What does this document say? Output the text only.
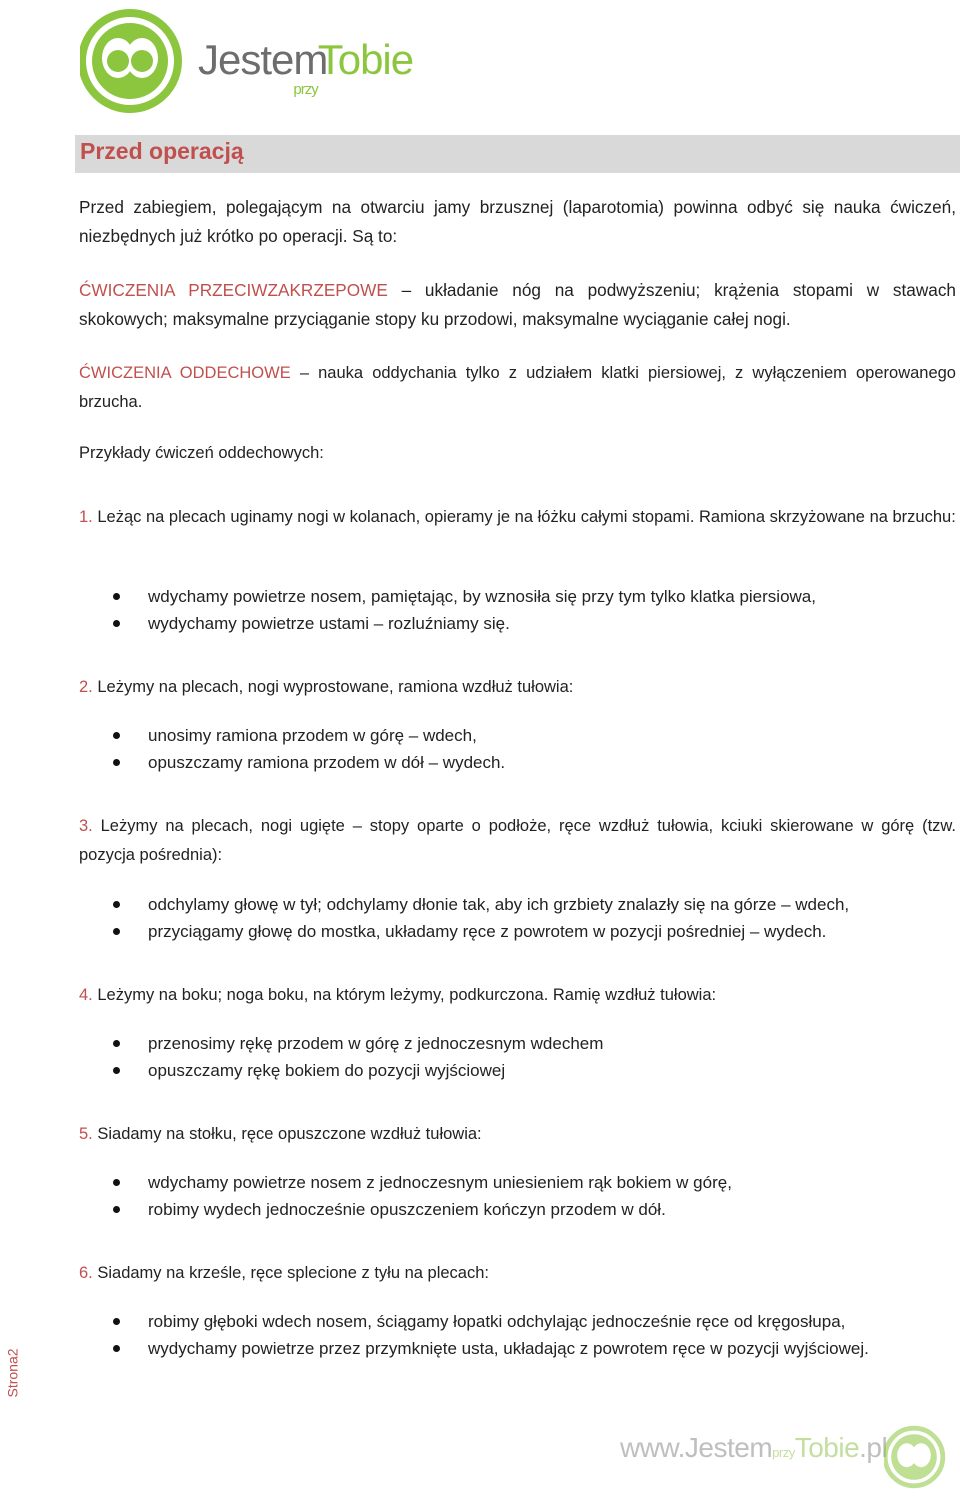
Jestem$_{przy}$Tobie
Przed operacją
Przed zabiegiem, polegającym na otwarciu jamy brzusznej (laparotomia) powinna odbyć się nauka ćwiczeń, niezbędnych już krótko po operacji. Są to:
ĆWICZENIA PRZECIWZAKRZEPOWE – układanie nóg na podwyższeniu; krążenia stopami w stawach skokowych; maksymalne przyciąganie stopy ku przodowi, maksymalne wyciąganie całej nogi.
ĆWICZENIA ODDECHOWE – nauka oddychania tylko z udziałem klatki piersiowej, z wyłączeniem operowanego brzucha.
Przykłady ćwiczeń oddechowych:
1. Leżąc na plecach uginamy nogi w kolanach, opieramy je na łóżku całymi stopami. Ramiona skrzyżowane na brzuchu:
wdychamy powietrze nosem, pamiętając, by wznosiła się przy tym tylko klatka piersiowa,
wydychamy powietrze ustami – rozluźniamy się.
2. Leżymy na plecach, nogi wyprostowane, ramiona wzdłuż tułowia:
unosimy ramiona przodem w górę – wdech,
opuszczamy ramiona przodem w dół – wydech.
3. Leżymy na plecach, nogi ugięte – stopy oparte o podłoże, ręce wzdłuż tułowia, kciuki skierowane w górę (tzw. pozycja pośrednia):
odchylamy głowę w tył; odchylamy dłonie tak, aby ich grzbiety znalazły się na górze – wdech,
przyciągamy głowę do mostka, układamy ręce z powrotem w pozycji pośredniej – wydech.
4. Leżymy na boku; noga boku, na którym leżymy, podkurczona. Ramię wzdłuż tułowia:
przenosimy rękę przodem w górę z jednoczesnym wdechem
opuszczamy rękę bokiem do pozycji wyjściowej
5. Siadamy na stołku, ręce opuszczone wzdłuż tułowia:
wdychamy powietrze nosem z jednoczesnym uniesieniem rąk bokiem w górę,
robimy wydech jednocześnie opuszczeniem kończyn przodem w dół.
6. Siadamy na krześle, ręce splecione z tyłu na plecach:
robimy głęboki wdech nosem, ściągamy łopatki odchylając jednocześnie ręce od kręgosłupa,
wydychamy powietrze przez przymknięte usta, układając z powrotem ręce w pozycji wyjściowej.
Strona2
www.JestemprzyTobie.pl
